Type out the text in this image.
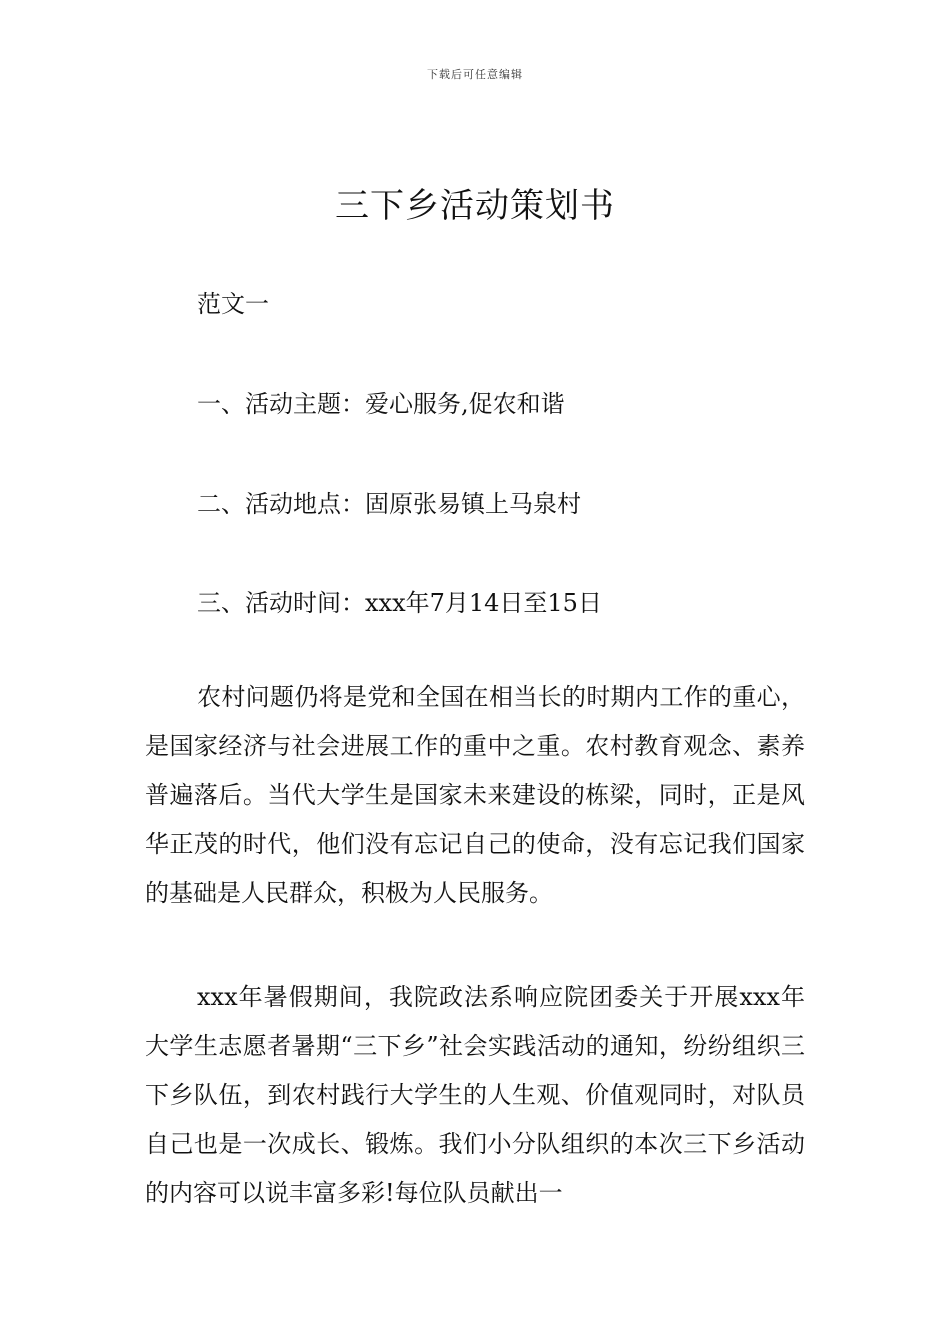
下载后可任意编辑
三下乡活动策划书

范文一

一、活动主题：爱心服务,促农和谐

二、活动地点：固原张易镇上马泉村

三、活动时间：xxx年7月14日至15日

农村问题仍将是党和全国在相当长的时期内工作的重心，是国家经济与社会进展工作的重中之重。农村教育观念、素养普遍落后。当代大学生是国家未来建设的栋梁，同时，正是风华正茂的时代，他们没有忘记自己的使命，没有忘记我们国家的基础是人民群众，积极为人民服务。

xxx年暑假期间，我院政法系响应院团委关于开展xxx年大学生志愿者暑期“三下乡”社会实践活动的通知，纷纷组织三下乡队伍，到农村践行大学生的人生观、价值观同时，对队员自己也是一次成长、锻炼。我们小分队组织的本次三下乡活动的内容可以说丰富多彩!每位队员献出一
